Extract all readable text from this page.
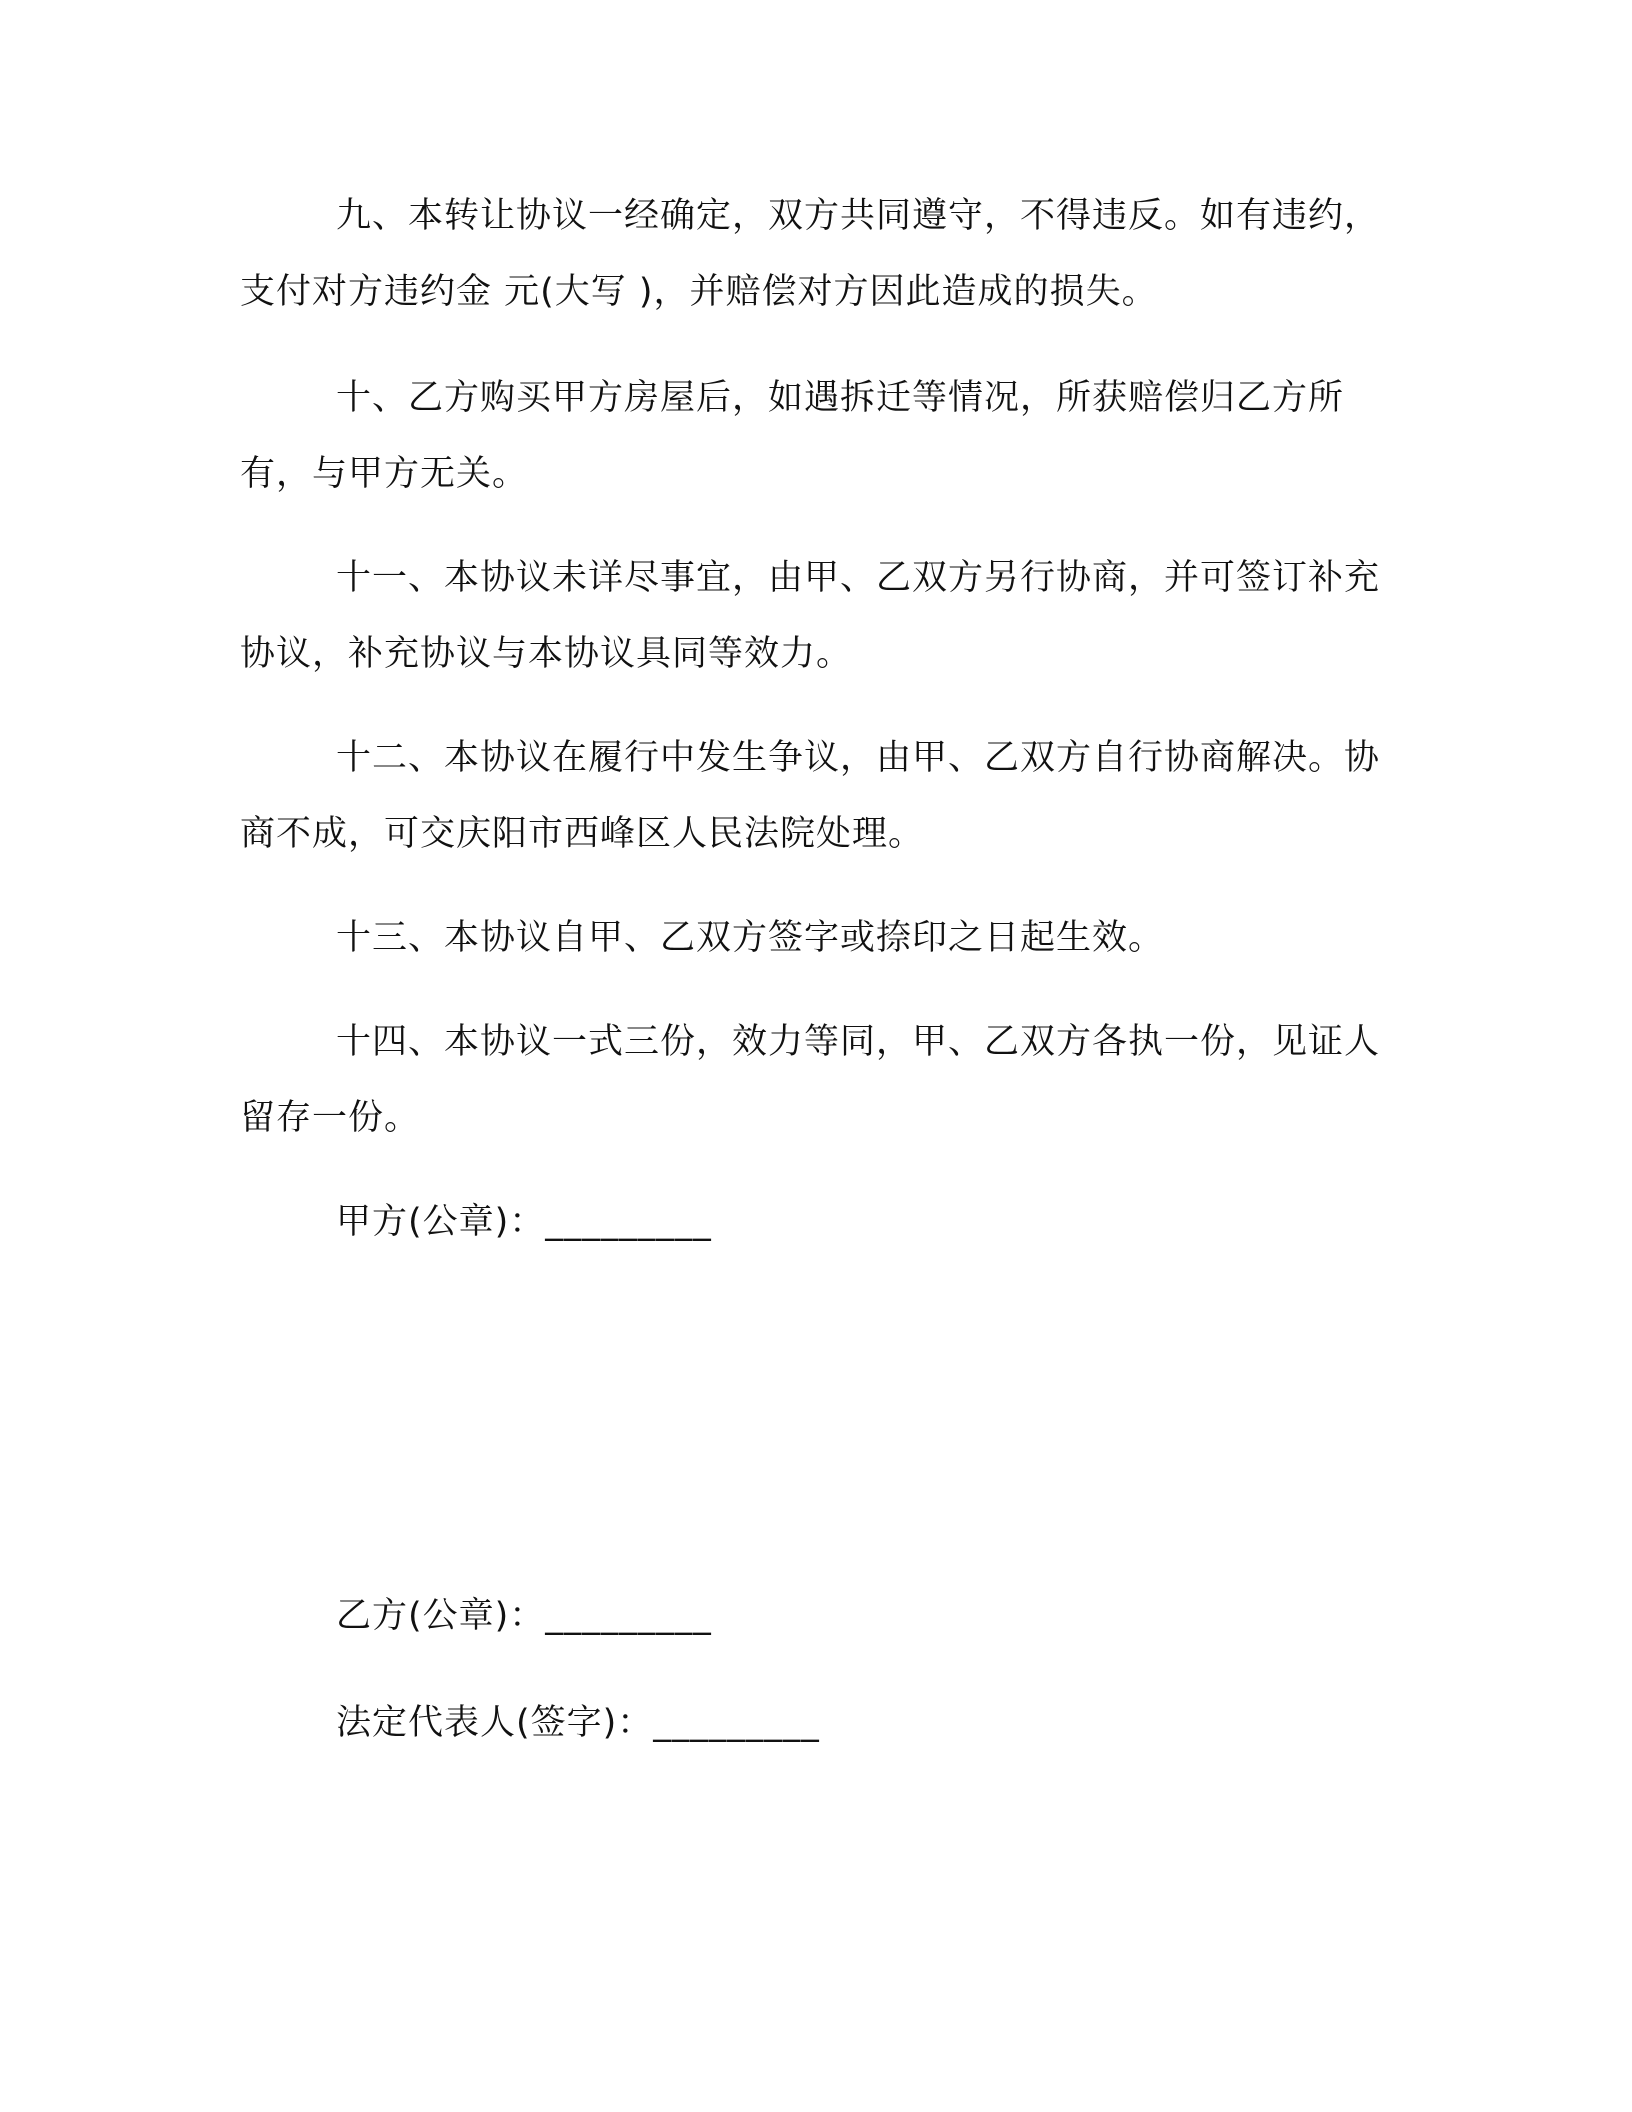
九、本转让协议一经确定，双方共同遵守，不得违反。如有违约，支付对方违约金 元(大写 )，并赔偿对方因此造成的损失。

十、乙方购买甲方房屋后，如遇拆迁等情况，所获赔偿归乙方所有，与甲方无关。

十一、本协议未详尽事宜，由甲、乙双方另行协商，并可签订补充协议，补充协议与本协议具同等效力。

十二、本协议在履行中发生争议，由甲、乙双方自行协商解决。协商不成，可交庆阳市西峰区人民法院处理。

十三、本协议自甲、乙双方签字或捺印之日起生效。

十四、本协议一式三份，效力等同，甲、乙双方各执一份，见证人留存一份。

甲方(公章)：_________

乙方(公章)：_________

法定代表人(签字)：_________
